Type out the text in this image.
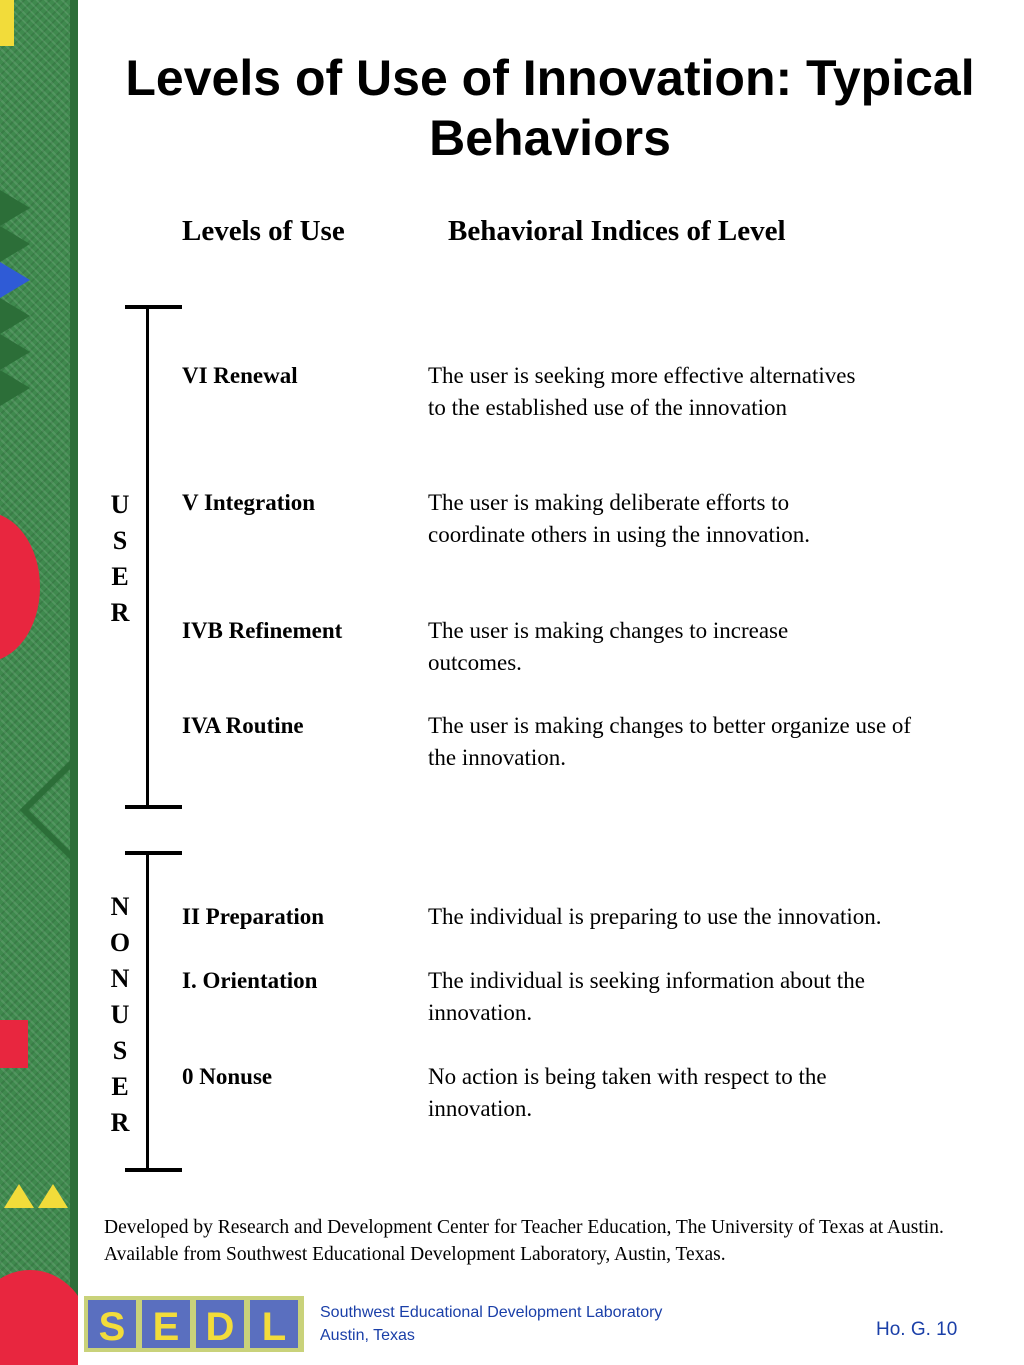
Levels of Use of Innovation: Typical Behaviors
Levels of Use	Behavioral Indices of Level
U
S
E
R
VI Renewal	The user is seeking more effective alternatives to the established use of the innovation
V Integration	The user is making deliberate efforts to coordinate others in using the innovation.
IVB Refinement	The user is making changes to increase outcomes.
IVA Routine	The user is making changes to better organize use of the innovation.
N
O
N
U
S
E
R
II Preparation	The individual is preparing to use the innovation.
I. Orientation	The individual is seeking information about the innovation.
0 Nonuse	No action is being taken with respect to the innovation.
Developed by Research and Development Center for Teacher Education, The University of Texas at Austin. Available from Southwest Educational Development Laboratory, Austin, Texas.
S E D L Southwest Educational Development Laboratory
Austin, Texas	Ho. G. 10
